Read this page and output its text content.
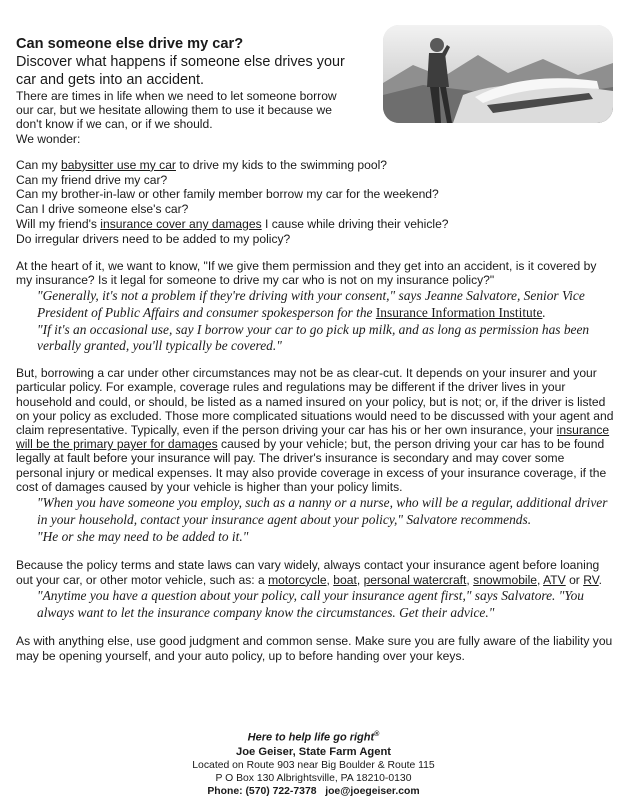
Can someone else drive my car?
Discover what happens if someone else drives your car and gets into an accident.
There are times in life when we need to let someone borrow our car, but we hesitate allowing them to use it because we don't know if we can, or if we should.
We wonder:
Can my babysitter use my car to drive my kids to the swimming pool?
Can my friend drive my car?
Can my brother-in-law or other family member borrow my car for the weekend?
Can I drive someone else's car?
Will my friend's insurance cover any damages I cause while driving their vehicle?
Do irregular drivers need to be added to my policy?
At the heart of it, we want to know, "If we give them permission and they get into an accident, is it covered by my insurance? Is it legal for someone to drive my car who is not on my insurance policy?"
"Generally, it's not a problem if they're driving with your consent," says Jeanne Salvatore, Senior Vice President of Public Affairs and consumer spokesperson for the Insurance Information Institute.
"If it's an occasional use, say I borrow your car to go pick up milk, and as long as permission has been verbally granted, you'll typically be covered."
But, borrowing a car under other circumstances may not be as clear-cut. It depends on your insurer and your particular policy. For example, coverage rules and regulations may be different if the driver lives in your household and could, or should, be listed as a named insured on your policy, but is not; or, if the driver is listed on your policy as excluded. Those more complicated situations would need to be discussed with your agent and claim representative. Typically, even if the person driving your car has his or her own insurance, your insurance will be the primary payer for damages caused by your vehicle; but, the person driving your car has to be found legally at fault before your insurance will pay. The driver's insurance is secondary and may cover some personal injury or medical expenses. It may also provide coverage in excess of your insurance coverage, if the cost of damages caused by your vehicle is higher than your policy limits.
"When you have someone you employ, such as a nanny or a nurse, who will be a regular, additional driver in your household, contact your insurance agent about your policy," Salvatore recommends.
"He or she may need to be added to it."
Because the policy terms and state laws can vary widely, always contact your insurance agent before loaning out your car, or other motor vehicle, such as: a motorcycle, boat, personal watercraft, snowmobile, ATV or RV.
"Anytime you have a question about your policy, call your insurance agent first," says Salvatore. "You always want to let the insurance company know the circumstances. Get their advice."
As with anything else, use good judgment and common sense. Make sure you are fully aware of the liability you may be opening yourself, and your auto policy, up to before handing over your keys.
Here to help life go right®
Joe Geiser, State Farm Agent
Located on Route 903 near Big Boulder & Route 115
P O Box 130 Albrightsville, PA 18210-0130
Phone: (570) 722-7378 joe@joegeiser.com
